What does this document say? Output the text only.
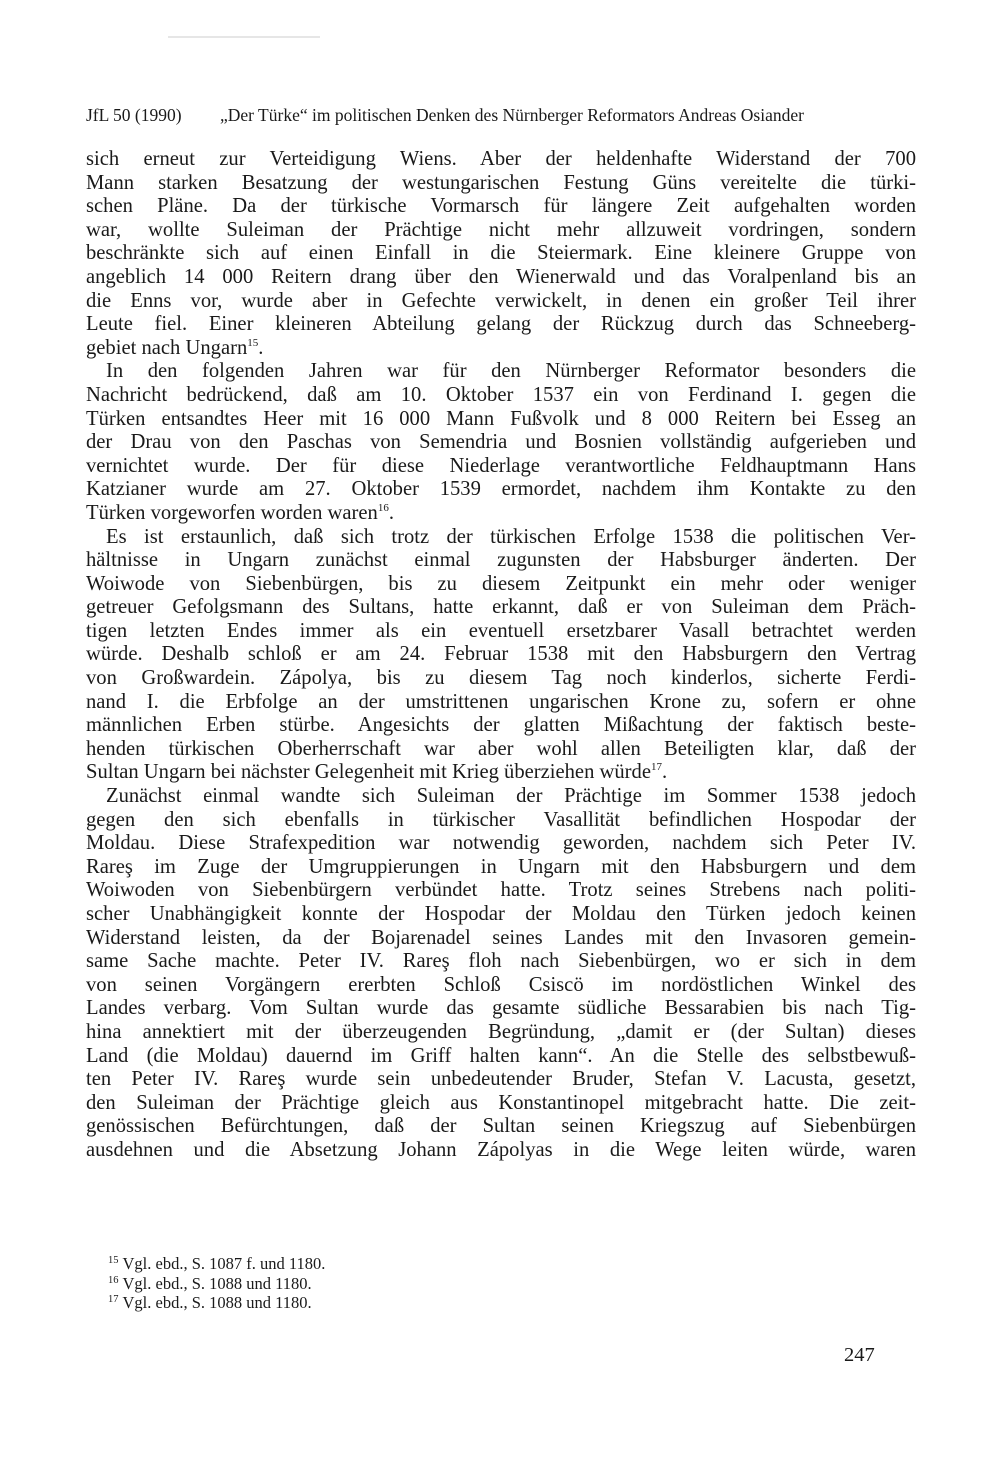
JfL 50 (1990) „Der Türke“ im politischen Denken des Nürnberger Reformators Andreas Osiander
sich erneut zur Verteidigung Wiens. Aber der heldenhafte Widerstand der 700
Mann starken Besatzung der westungarischen Festung Güns vereitelte die türki-
schen Pläne. Da der türkische Vormarsch für längere Zeit aufgehalten worden
war, wollte Suleiman der Prächtige nicht mehr allzuweit vordringen, sondern
beschränkte sich auf einen Einfall in die Steiermark. Eine kleinere Gruppe von
angeblich 14 000 Reitern drang über den Wienerwald und das Voralpenland bis an
die Enns vor, wurde aber in Gefechte verwickelt, in denen ein großer Teil ihrer
Leute fiel. Einer kleineren Abteilung gelang der Rückzug durch das Schneeberg-
gebiet nach Ungarn$^{15}$.
In den folgenden Jahren war für den Nürnberger Reformator besonders die
Nachricht bedrückend, daß am 10. Oktober 1537 ein von Ferdinand I. gegen die
Türken entsandtes Heer mit 16 000 Mann Fußvolk und 8 000 Reitern bei Esseg an
der Drau von den Paschas von Semendria und Bosnien vollständig aufgerieben und
vernichtet wurde. Der für diese Niederlage verantwortliche Feldhauptmann Hans
Katzianer wurde am 27. Oktober 1539 ermordet, nachdem ihm Kontakte zu den
Türken vorgeworfen worden waren$^{16}$.
Es ist erstaunlich, daß sich trotz der türkischen Erfolge 1538 die politischen Ver-
hältnisse in Ungarn zunächst einmal zugunsten der Habsburger änderten. Der
Woiwode von Siebenbürgen, bis zu diesem Zeitpunkt ein mehr oder weniger
getreuer Gefolgsmann des Sultans, hatte erkannt, daß er von Suleiman dem Präch-
tigen letzten Endes immer als ein eventuell ersetzbarer Vasall betrachtet werden
würde. Deshalb schloß er am 24. Februar 1538 mit den Habsburgern den Vertrag
von Großwardein. Zápolya, bis zu diesem Tag noch kinderlos, sicherte Ferdi-
nand I. die Erbfolge an der umstrittenen ungarischen Krone zu, sofern er ohne
männlichen Erben stürbe. Angesichts der glatten Mißachtung der faktisch beste-
henden türkischen Oberherrschaft war aber wohl allen Beteiligten klar, daß der
Sultan Ungarn bei nächster Gelegenheit mit Krieg überziehen würde$^{17}$.
Zunächst einmal wandte sich Suleiman der Prächtige im Sommer 1538 jedoch
gegen den sich ebenfalls in türkischer Vasallität befindlichen Hospodar der
Moldau. Diese Strafexpedition war notwendig geworden, nachdem sich Peter IV.
Rareş im Zuge der Umgruppierungen in Ungarn mit den Habsburgern und dem
Woiwoden von Siebenbürgern verbündet hatte. Trotz seines Strebens nach politi-
scher Unabhängigkeit konnte der Hospodar der Moldau den Türken jedoch keinen
Widerstand leisten, da der Bojarenadel seines Landes mit den Invasoren gemein-
same Sache machte. Peter IV. Rareş floh nach Siebenbürgen, wo er sich in dem
von seinen Vorgängern ererbten Schloß Csiscö im nordöstlichen Winkel des
Landes verbarg. Vom Sultan wurde das gesamte südliche Bessarabien bis nach Tig-
hina annektiert mit der überzeugenden Begründung, „damit er (der Sultan) dieses
Land (die Moldau) dauernd im Griff halten kann“. An die Stelle des selbstbewuß-
ten Peter IV. Rareş wurde sein unbedeutender Bruder, Stefan V. Lacusta, gesetzt,
den Suleiman der Prächtige gleich aus Konstantinopel mitgebracht hatte. Die zeit-
genössischen Befürchtungen, daß der Sultan seinen Kriegszug auf Siebenbürgen
ausdehnen und die Absetzung Johann Zápolyas in die Wege leiten würde, waren
$^{15}$ Vgl. ebd., S. 1087 f. und 1180.
$^{16}$ Vgl. ebd., S. 1088 und 1180.
$^{17}$ Vgl. ebd., S. 1088 und 1180.
247
